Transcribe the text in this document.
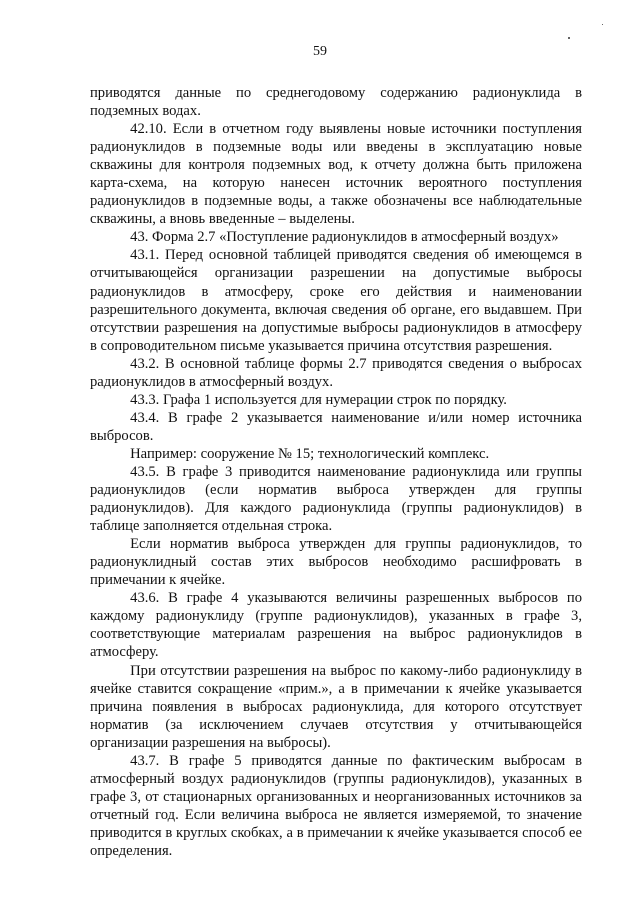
59

приводятся данные по среднегодовому содержанию радионуклида в подземных водах.

42.10. Если в отчетном году выявлены новые источники поступления радионуклидов в подземные воды или введены в эксплуатацию новые скважины для контроля подземных вод, к отчету должна быть приложена карта-схема, на которую нанесен источник вероятного поступления радионуклидов в подземные воды, а также обозначены все наблюдательные скважины, а вновь введенные – выделены.

43. Форма 2.7 «Поступление радионуклидов в атмосферный воздух»

43.1. Перед основной таблицей приводятся сведения об имеющемся в отчитывающейся организации разрешении на допустимые выбросы радионуклидов в атмосферу, сроке его действия и наименовании разрешительного документа, включая сведения об органе, его выдавшем. При отсутствии разрешения на допустимые выбросы радионуклидов в атмосферу в сопроводительном письме указывается причина отсутствия разрешения.

43.2. В основной таблице формы 2.7 приводятся сведения о выбросах радионуклидов в атмосферный воздух.

43.3. Графа 1 используется для нумерации строк по порядку.

43.4. В графе 2 указывается наименование и/или номер источника выбросов.

Например: сооружение № 15; технологический комплекс.

43.5. В графе 3 приводится наименование радионуклида или группы радионуклидов (если норматив выброса утвержден для группы радионуклидов). Для каждого радионуклида (группы радионуклидов) в таблице заполняется отдельная строка.

Если норматив выброса утвержден для группы радионуклидов, то радионуклидный состав этих выбросов необходимо расшифровать в примечании к ячейке.

43.6. В графе 4 указываются величины разрешенных выбросов по каждому радионуклиду (группе радионуклидов), указанных в графе 3, соответствующие материалам разрешения на выброс радионуклидов в атмосферу.

При отсутствии разрешения на выброс по какому-либо радионуклиду в ячейке ставится сокращение «прим.», а в примечании к ячейке указывается причина появления в выбросах радионуклида, для которого отсутствует норматив (за исключением случаев отсутствия у отчитывающейся организации разрешения на выбросы).

43.7. В графе 5 приводятся данные по фактическим выбросам в атмосферный воздух радионуклидов (группы радионуклидов), указанных в графе 3, от стационарных организованных и неорганизованных источников за отчетный год. Если величина выброса не является измеряемой, то значение приводится в круглых скобках, а в примечании к ячейке указывается способ ее определения.
